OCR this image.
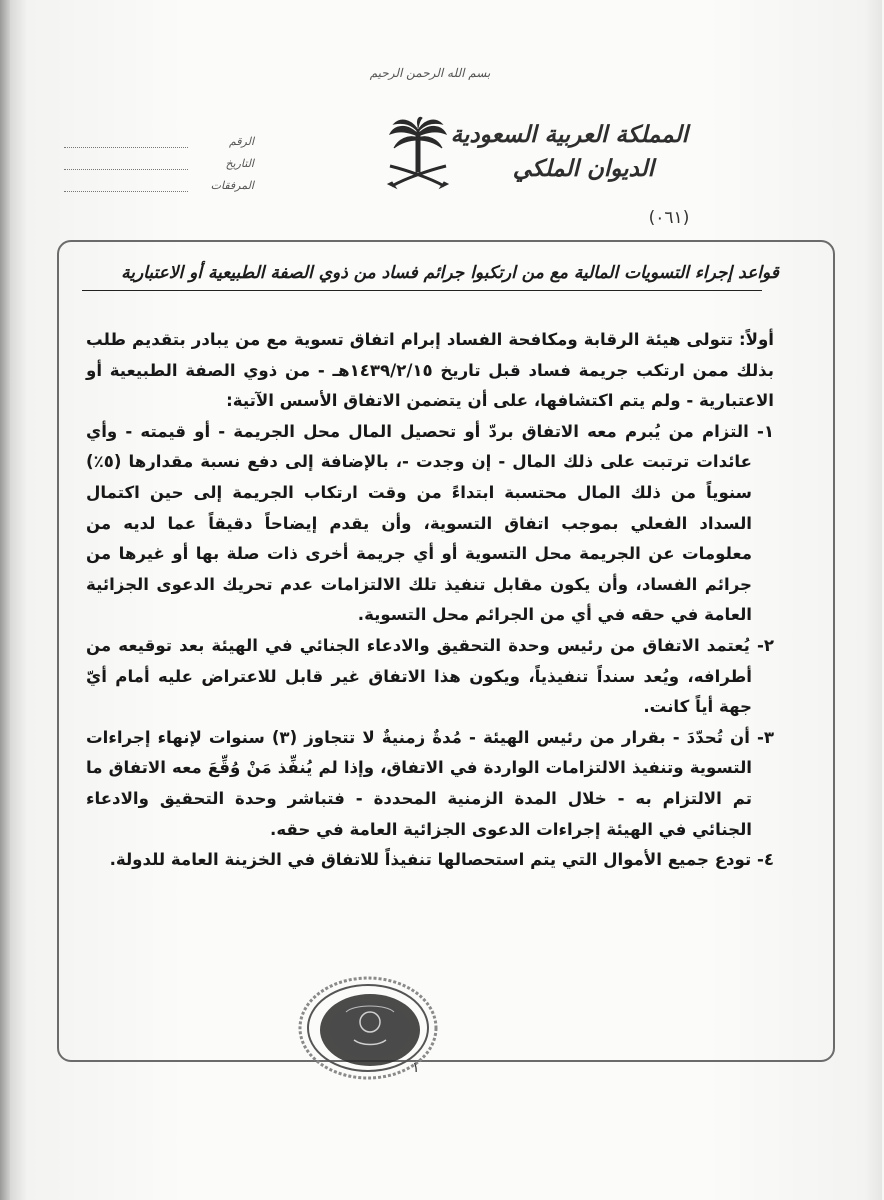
بسم الله الرحمن الرحيم
المملكة العربية السعودية
الديوان الملكي
(٠٦١)
الرقم
التاريخ
المرفقات
قواعد إجراء التسويات المالية مع من ارتكبوا جرائم فساد من ذوي الصفة الطبيعية أو الاعتبارية

أولاً: تتولى هيئة الرقابة ومكافحة الفساد إبرام اتفاق تسوية مع من يبادر بتقديم طلب بذلك ممن ارتكب جريمة فساد قبل تاريخ ١٤٣٩/٢/١٥هـ - من ذوي الصفة الطبيعية أو الاعتبارية - ولم يتم اكتشافها، على أن يتضمن الاتفاق الأسس الآتية:

١- التزام من يُبرم معه الاتفاق بردّ أو تحصيل المال محل الجريمة - أو قيمته - وأي عائدات ترتبت على ذلك المال - إن وجدت -، بالإضافة إلى دفع نسبة مقدارها (٥٪) سنوياً من ذلك المال محتسبة ابتداءً من وقت ارتكاب الجريمة إلى حين اكتمال السداد الفعلي بموجب اتفاق التسوية، وأن يقدم إيضاحاً دقيقاً عما لديه من معلومات عن الجريمة محل التسوية أو أي جريمة أخرى ذات صلة بها أو غيرها من جرائم الفساد، وأن يكون مقابل تنفيذ تلك الالتزامات عدم تحريك الدعوى الجزائية العامة في حقه في أي من الجرائم محل التسوية.

٢- يُعتمد الاتفاق من رئيس وحدة التحقيق والادعاء الجنائي في الهيئة بعد توقيعه من أطرافه، ويُعد سنداً تنفيذياً، ويكون هذا الاتفاق غير قابل للاعتراض عليه أمام أيّ جهة أياً كانت.

٣- أن تُحدّدَ - بقرار من رئيس الهيئة - مُدةٌ زمنيةٌ لا تتجاوز (٣) سنوات لإنهاء إجراءات التسوية وتنفيذ الالتزامات الواردة في الاتفاق، وإذا لم يُنفِّذ مَنْ وُقِّعَ معه الاتفاق ما تم الالتزام به - خلال المدة الزمنية المحددة - فتباشر وحدة التحقيق والادعاء الجنائي في الهيئة إجراءات الدعوى الجزائية العامة في حقه.

٤- تودع جميع الأموال التي يتم استحصالها تنفيذاً للاتفاق في الخزينة العامة للدولة.

١
